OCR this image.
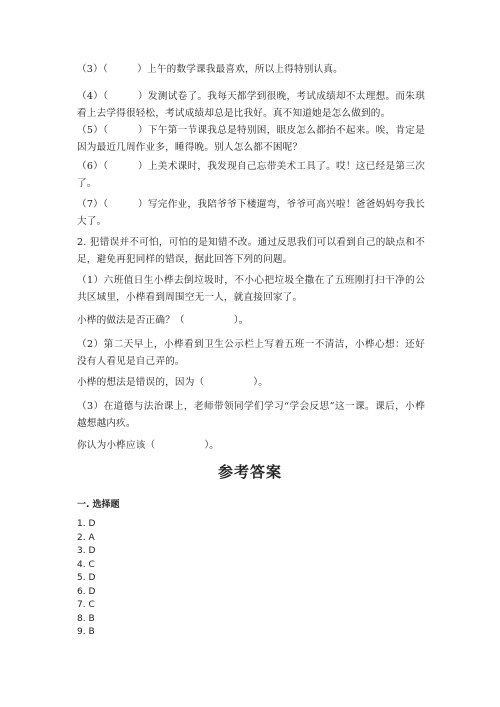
（3）（　　　）上午的数学课我最喜欢，所以上得特别认真。
（4）（　　　）发测试卷了。我每天都学到很晚，考试成绩却不太理想。而朱琪看上去学得很轻松，考试成绩却总是比我好。真不知道她是怎么做到的。
（5）（　　　）下午第一节课我总是特别困，眼皮怎么都抬不起来。唉，肯定是因为最近几周作业多，睡得晚。别人怎么都不困呢？
（6）（　　　）上美术课时，我发现自己忘带美术工具了。哎！这已经是第三次了。
（7）（　　　）写完作业，我陪爷爷下楼遛弯，爷爷可高兴啦！爸爸妈妈夸我长大了。
2. 犯错误并不可怕，可怕的是知错不改。通过反思我们可以看到自己的缺点和不足，避免再犯同样的错误，据此回答下列的问题。
（1）六班值日生小桦去倒垃圾时，不小心把垃圾全撒在了五班刚打扫干净的公共区域里，小桦看到周围空无一人，就直接回家了。
小桦的做法是否正确？（　　　　　）。
（2）第二天早上，小桦看到卫生公示栏上写着五班一不清洁，小桦心想：还好没有人看见是自己弄的。
小桦的想法是错误的，因为（　　　　　）。
（3）在道德与法治课上，老师带领同学们学习“学会反思”这一课。课后，小桦越想越内疚。
你认为小桦应该（　　　　　）。
参考答案
一. 选择题
1. D
2. A
3. D
4. C
5. D
6. D
7. C
8. B
9. B
